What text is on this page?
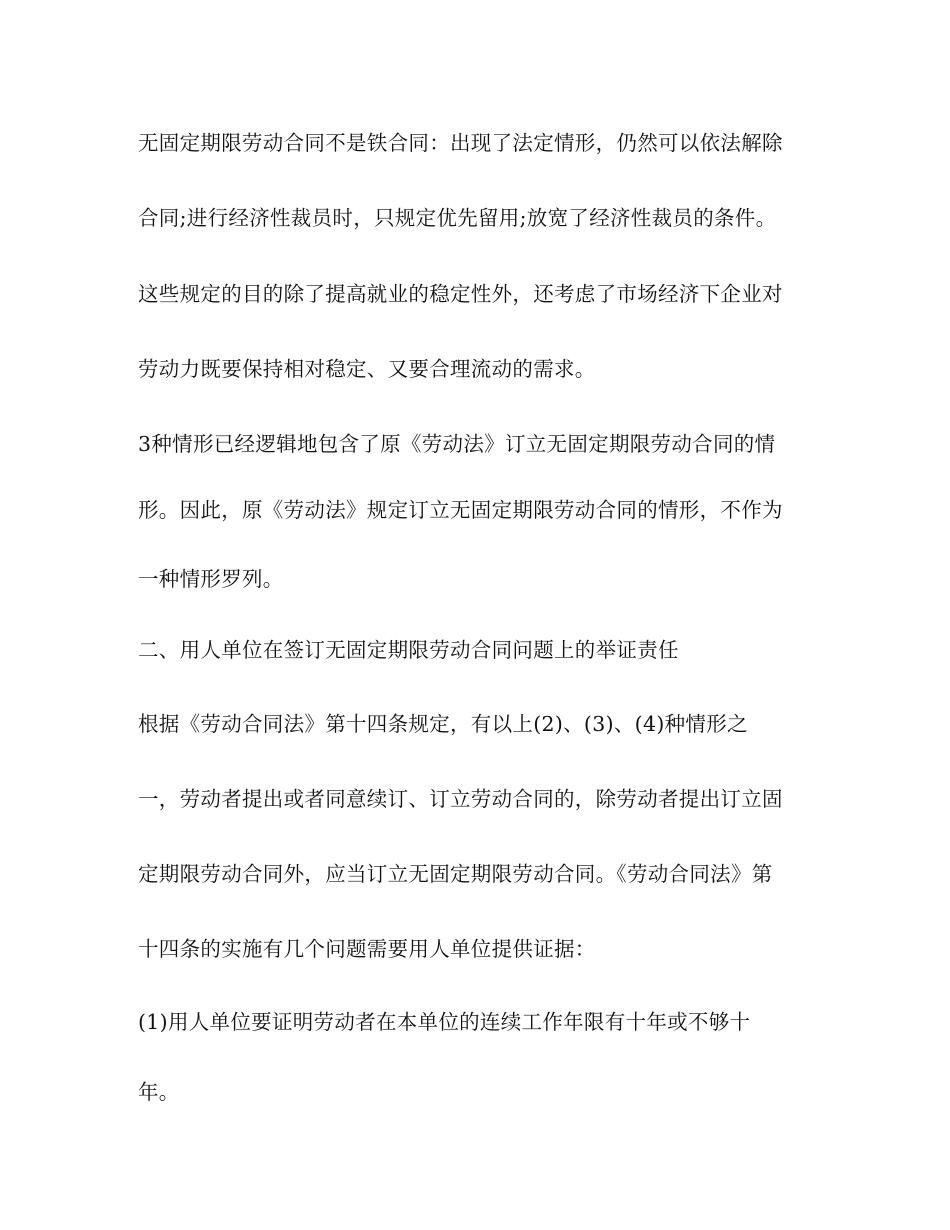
无固定期限劳动合同不是铁合同：出现了法定情形，仍然可以依法解除

合同;进行经济性裁员时，只规定优先留用;放宽了经济性裁员的条件。

这些规定的目的除了提高就业的稳定性外，还考虑了市场经济下企业对

劳动力既要保持相对稳定、又要合理流动的需求。

3种情形已经逻辑地包含了原《劳动法》订立无固定期限劳动合同的情

形。因此，原《劳动法》规定订立无固定期限劳动合同的情形，不作为

一种情形罗列。

二、用人单位在签订无固定期限劳动合同问题上的举证责任

根据《劳动合同法》第十四条规定，有以上(2)、(3)、(4)种情形之

一，劳动者提出或者同意续订、订立劳动合同的，除劳动者提出订立固

定期限劳动合同外，应当订立无固定期限劳动合同。《劳动合同法》第

十四条的实施有几个问题需要用人单位提供证据：

(1)用人单位要证明劳动者在本单位的连续工作年限有十年或不够十

年。
